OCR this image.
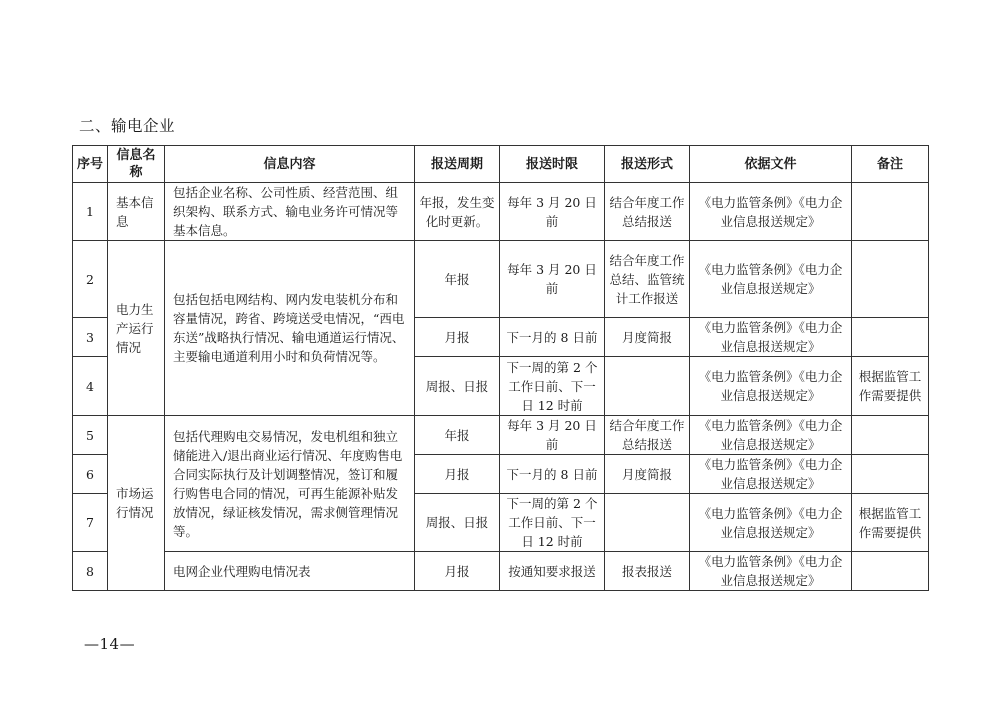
二、输电企业
序号	信息名称	信息内容	报送周期	报送时限	报送形式	依据文件	备注
1	基本信息	包括企业名称、公司性质、经营范围、组织架构、联系方式、输电业务许可情况等基本信息。	年报，发生变化时更新。	每年 3 月 20 日前	结合年度工作总结报送	《电力监管条例》《电力企业信息报送规定》	
2	电力生产运行情况	包括包括电网结构、网内发电装机分布和容量情况，跨省、跨境送受电情况，“西电东送”战略执行情况、输电通道运行情况、主要输电通道利用小时和负荷情况等。	年报	每年 3 月 20 日前	结合年度工作总结、监管统计工作报送	《电力监管条例》《电力企业信息报送规定》	
3			月报	下一月的 8 日前	月度简报	《电力监管条例》《电力企业信息报送规定》	
4			周报、日报	下一周的第 2 个工作日前、下一日 12 时前		《电力监管条例》《电力企业信息报送规定》	根据监管工作需要提供
5	市场运行情况	包括代理购电交易情况，发电机组和独立储能进入/退出商业运行情况、年度购售电合同实际执行及计划调整情况，签订和履行购售电合同的情况，可再生能源补贴发放情况，绿证核发情况，需求侧管理情况等。	年报	每年 3 月 20 日前	结合年度工作总结报送	《电力监管条例》《电力企业信息报送规定》	
6			月报	下一月的 8 日前	月度简报	《电力监管条例》《电力企业信息报送规定》	
7			周报、日报	下一周的第 2 个工作日前、下一日 12 时前		《电力监管条例》《电力企业信息报送规定》	根据监管工作需要提供
8		电网企业代理购电情况表	月报	按通知要求报送	报表报送	《电力监管条例》《电力企业信息报送规定》	
—14—
